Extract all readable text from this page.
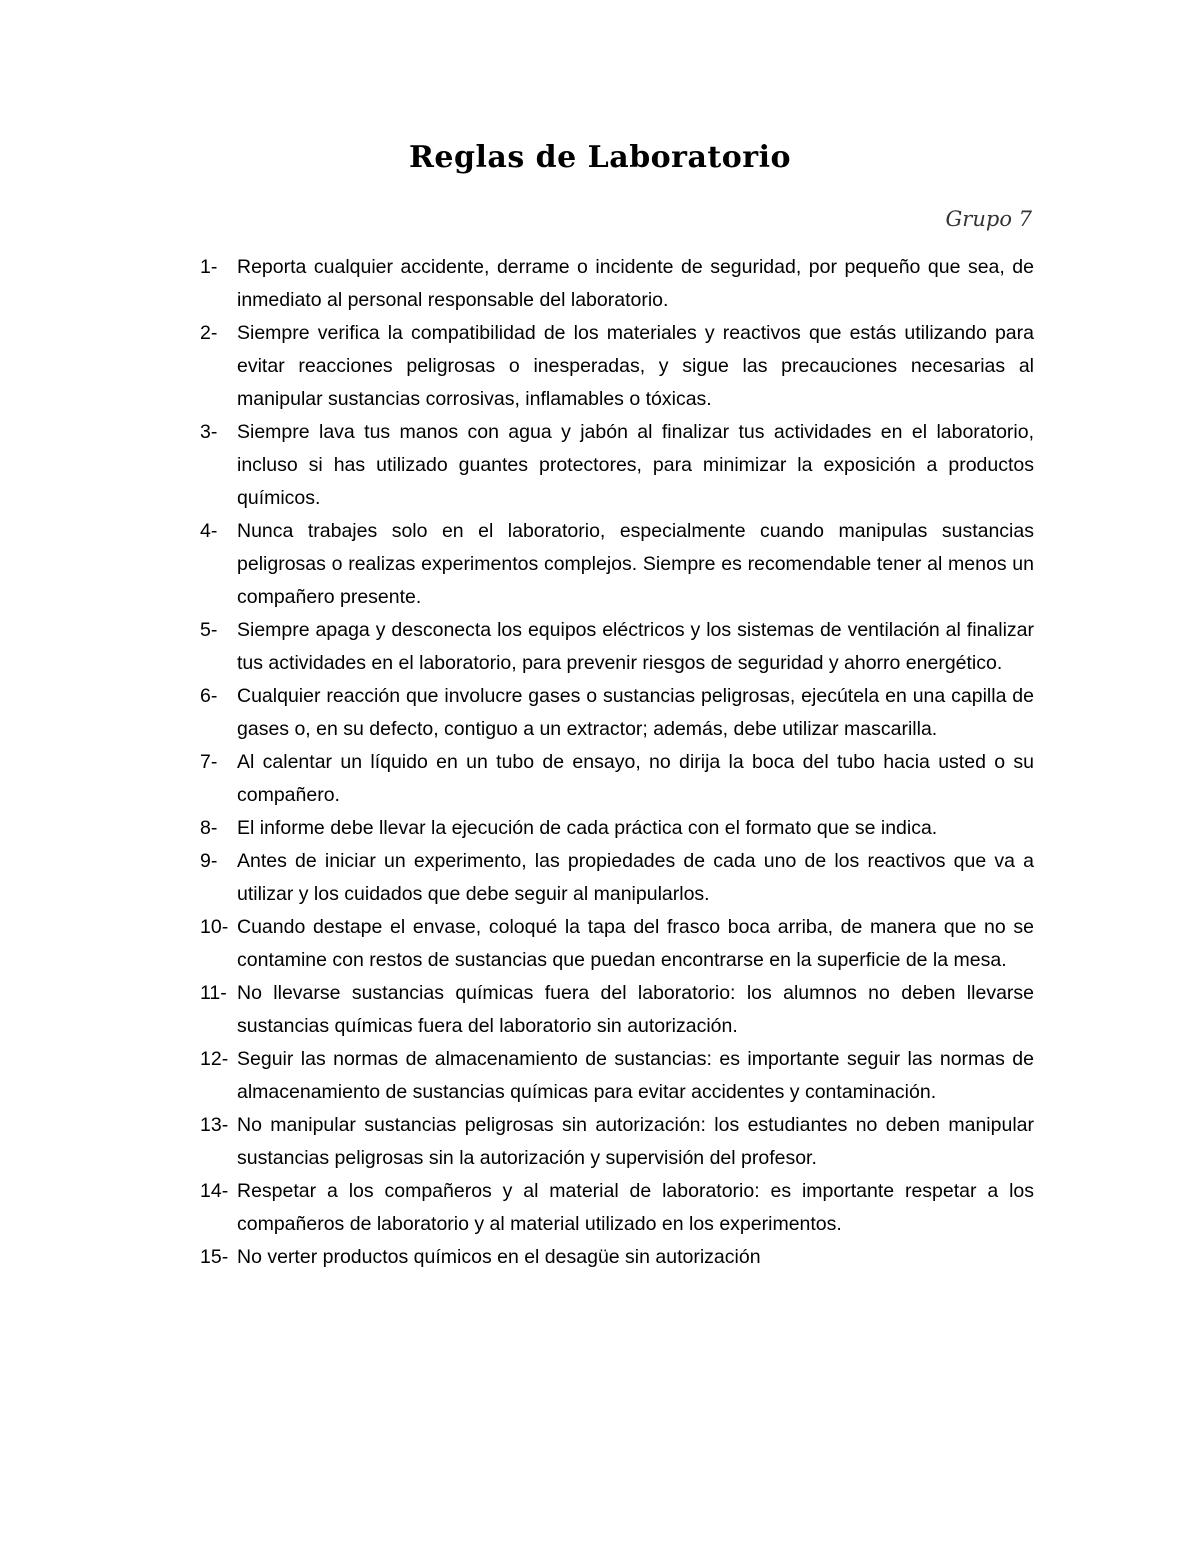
Reglas de Laboratorio

Grupo 7

1-	Reporta cualquier accidente, derrame o incidente de seguridad, por pequeño que sea, de inmediato al personal responsable del laboratorio.
2-	Siempre verifica la compatibilidad de los materiales y reactivos que estás utilizando para evitar reacciones peligrosas o inesperadas, y sigue las precauciones necesarias al manipular sustancias corrosivas, inflamables o tóxicas.
3-	Siempre lava tus manos con agua y jabón al finalizar tus actividades en el laboratorio, incluso si has utilizado guantes protectores, para minimizar la exposición a productos químicos.
4-	Nunca trabajes solo en el laboratorio, especialmente cuando manipulas sustancias peligrosas o realizas experimentos complejos. Siempre es recomendable tener al menos un compañero presente.
5-	Siempre apaga y desconecta los equipos eléctricos y los sistemas de ventilación al finalizar tus actividades en el laboratorio, para prevenir riesgos de seguridad y ahorro energético.
6-	Cualquier reacción que involucre gases o sustancias peligrosas, ejecútela en una capilla de gases o, en su defecto, contiguo a un extractor; además, debe utilizar mascarilla.
7-	Al calentar un líquido en un tubo de ensayo, no dirija la boca del tubo hacia usted o su compañero.
8-	El informe debe llevar la ejecución de cada práctica con el formato que se indica.
9-	Antes de iniciar un experimento, las propiedades de cada uno de los reactivos que va a utilizar y los cuidados que debe seguir al manipularlos.
10- Cuando destape el envase, coloqué la tapa del frasco boca arriba, de manera que no se contamine con restos de sustancias que puedan encontrarse en la superficie de la mesa.
11- No llevarse sustancias químicas fuera del laboratorio: los alumnos no deben llevarse sustancias químicas fuera del laboratorio sin autorización.
12- Seguir las normas de almacenamiento de sustancias: es importante seguir las normas de almacenamiento de sustancias químicas para evitar accidentes y contaminación.
13- No manipular sustancias peligrosas sin autorización: los estudiantes no deben manipular sustancias peligrosas sin la autorización y supervisión del profesor.
14- Respetar a los compañeros y al material de laboratorio: es importante respetar a los compañeros de laboratorio y al material utilizado en los experimentos.
15- No verter productos químicos en el desagüe sin autorización
